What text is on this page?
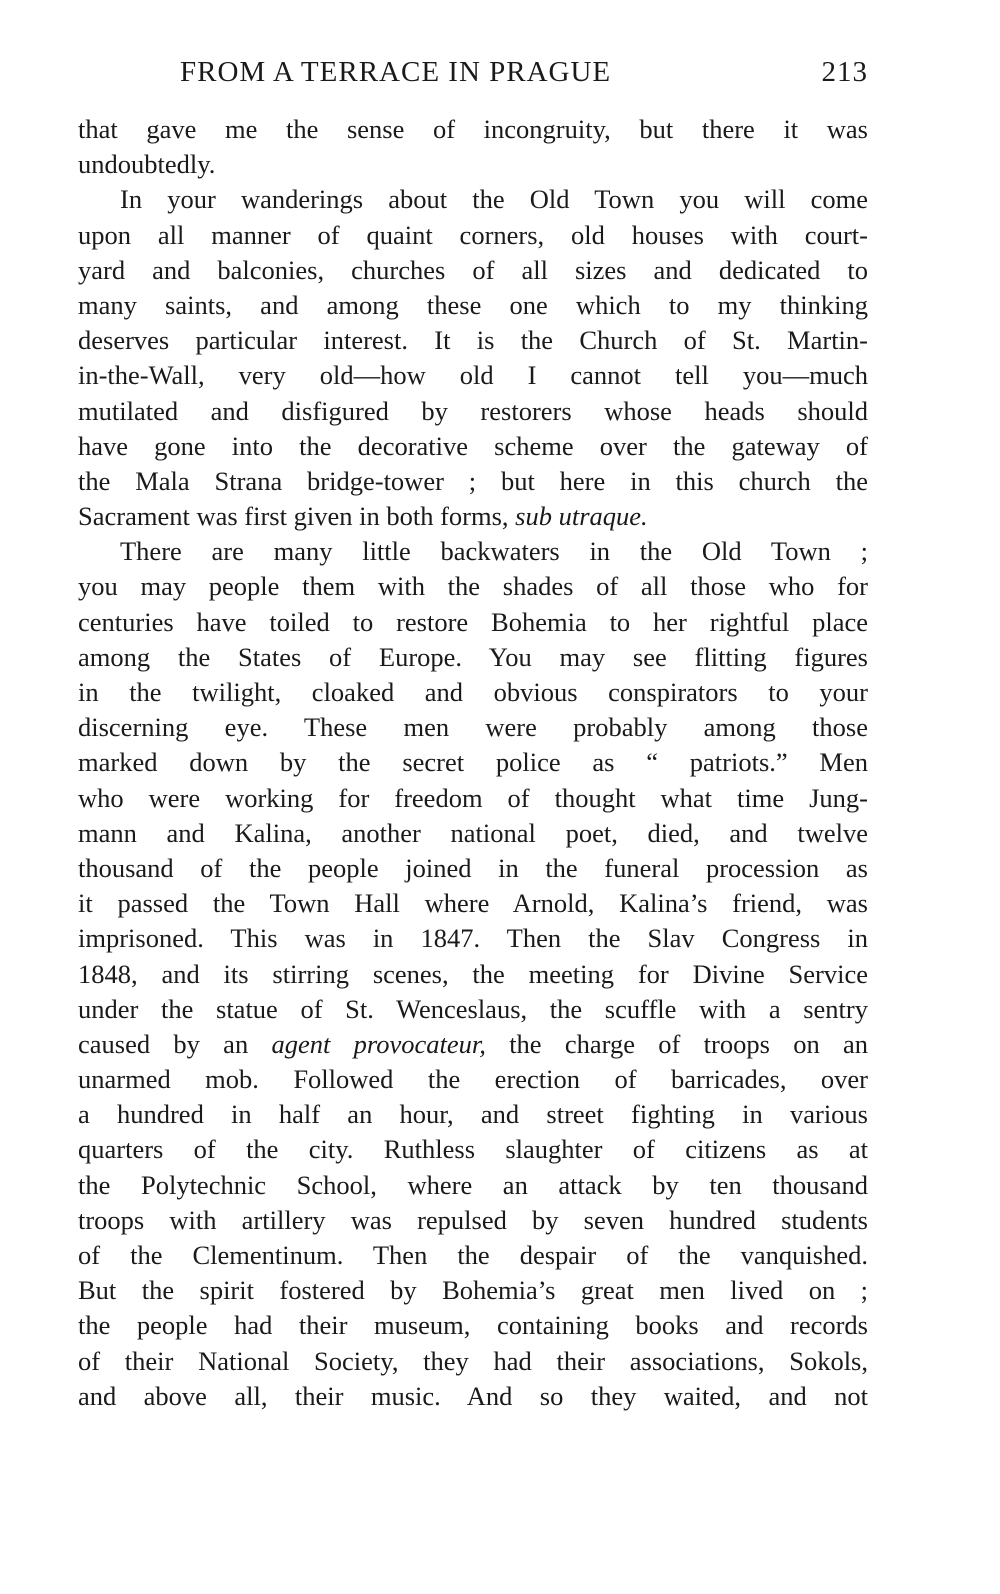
FROM A TERRACE IN PRAGUE	213
that gave me the sense of incongruity, but there it was
undoubtedly.
In your wanderings about the Old Town you will come
upon all manner of quaint corners, old houses with court-
yard and balconies, churches of all sizes and dedicated to
many saints, and among these one which to my thinking
deserves particular interest. It is the Church of St. Martin-
in-the-Wall, very old—how old I cannot tell you—much
mutilated and disfigured by restorers whose heads should
have gone into the decorative scheme over the gateway of
the Mala Strana bridge-tower ; but here in this church the
Sacrament was first given in both forms, sub utraque.
There are many little backwaters in the Old Town ;
you may people them with the shades of all those who for
centuries have toiled to restore Bohemia to her rightful place
among the States of Europe. You may see flitting figures
in the twilight, cloaked and obvious conspirators to your
discerning eye. These men were probably among those
marked down by the secret police as “ patriots.” Men
who were working for freedom of thought what time Jung-
mann and Kalina, another national poet, died, and twelve
thousand of the people joined in the funeral procession as
it passed the Town Hall where Arnold, Kalina’s friend, was
imprisoned. This was in 1847. Then the Slav Congress in
1848, and its stirring scenes, the meeting for Divine Service
under the statue of St. Wenceslaus, the scuffle with a sentry
caused by an agent provocateur, the charge of troops on an
unarmed mob. Followed the erection of barricades, over
a hundred in half an hour, and street fighting in various
quarters of the city. Ruthless slaughter of citizens as at
the Polytechnic School, where an attack by ten thousand
troops with artillery was repulsed by seven hundred students
of the Clementinum. Then the despair of the vanquished.
But the spirit fostered by Bohemia’s great men lived on ;
the people had their museum, containing books and records
of their National Society, they had their associations, Sokols,
and above all, their music. And so they waited, and not
